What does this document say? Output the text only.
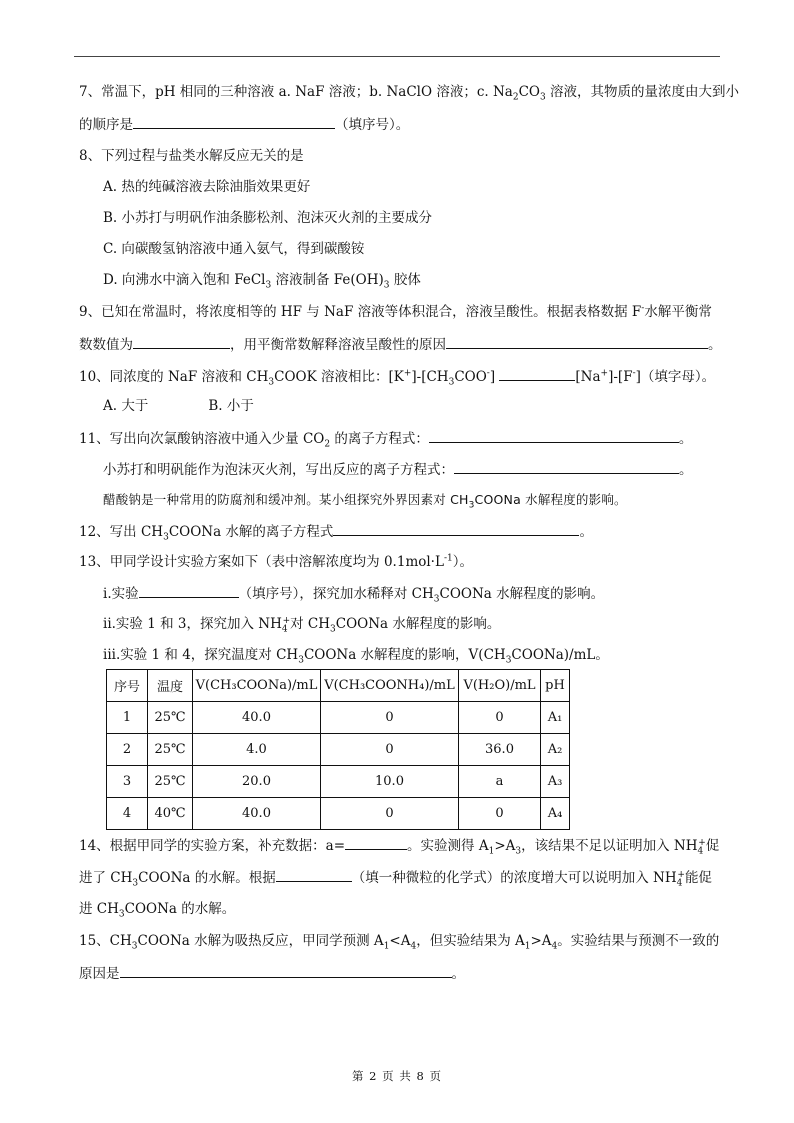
7、常温下，pH 相同的三种溶液 a. NaF 溶液；b. NaClO 溶液；c. $Na_2CO_3$ 溶液，其物质的量浓度由大到小
的顺序是	（填序号）。
8、下列过程与盐类水解反应无关的是
A. 热的纯碱溶液去除油脂效果更好
B. 小苏打与明矾作油条膨松剂、泡沫灭火剂的主要成分
C. 向碳酸氢钠溶液中通入氨气，得到碳酸铵
D. 向沸水中滴入饱和 FeCl$_3$ 溶液制备 $Fe(OH)_3$ 胶体
9、已知在常温时，将浓度相等的 HF 与 NaF 溶液等体积混合，溶液呈酸性。根据表格数据 F-水解平衡常
数数值为	，用平衡常数解释溶液呈酸性的原因	。
10、同浓度的 NaF 溶液和 $CH_3COOK$ 溶液相比：$[K^+]-[CH_3COO^-]$	[Na+]-[F-]（填字母）。
A. 大于	B. 小于
11、写出向次氯酸钠溶液中通入少量 $CO_2$ 的离子方程式：	。
小苏打和明矾能作为泡沫灭火剂，写出反应的离子方程式：	。
醋酸钠是一种常用的防腐剂和缓冲剂。某小组探究外界因素对 $CH_3COONa$ 水解程度的影响。
12、写出 $CH_3COONa$ 水解的离子方程式	。
13、甲同学设计实验方案如下（表中溶解浓度均为 $0.1mol\cdot L^{-1}$）。
i.实验	（填序号），探究加水稀释对 $CH_3COONa$ 水解程度的影响。
ii.实验 1 和 3，探究加入 $NH_4^+$对 $CH_3COONa$ 水解程度的影响。
iii.实验 1 和 4，探究温度对 $CH_3COONa$ 水解程度的影响，$V(CH_3COONa)/mL$。
序号	温度	V(CH₃COONa)/mL	V(CH₃COONH₄)/mL	V(H₂O)/mL	pH
1	25℃	40.0	0	0	A₁
2	25℃	4.0	0	36.0	A₂
3	25℃	20.0	10.0	a	A₃
4	40℃	40.0	0	0	A₄
14、根据甲同学的实验方案，补充数据：a=	。实验测得 $A_1>A_3$，该结果不足以证明加入 $NH_4^+$促
进了 $CH_3COONa$ 的水解。根据	（填一种微粒的化学式）的浓度增大可以说明加入 $NH_4^+$能促
进 $CH_3COONa$ 的水解。
15、$CH_3COONa$ 水解为吸热反应，甲同学预测 $A_1<A_4$，但实验结果为 $A_1>A_4$。实验结果与预测不一致的
原因是	。
第 2 页 共 8 页
